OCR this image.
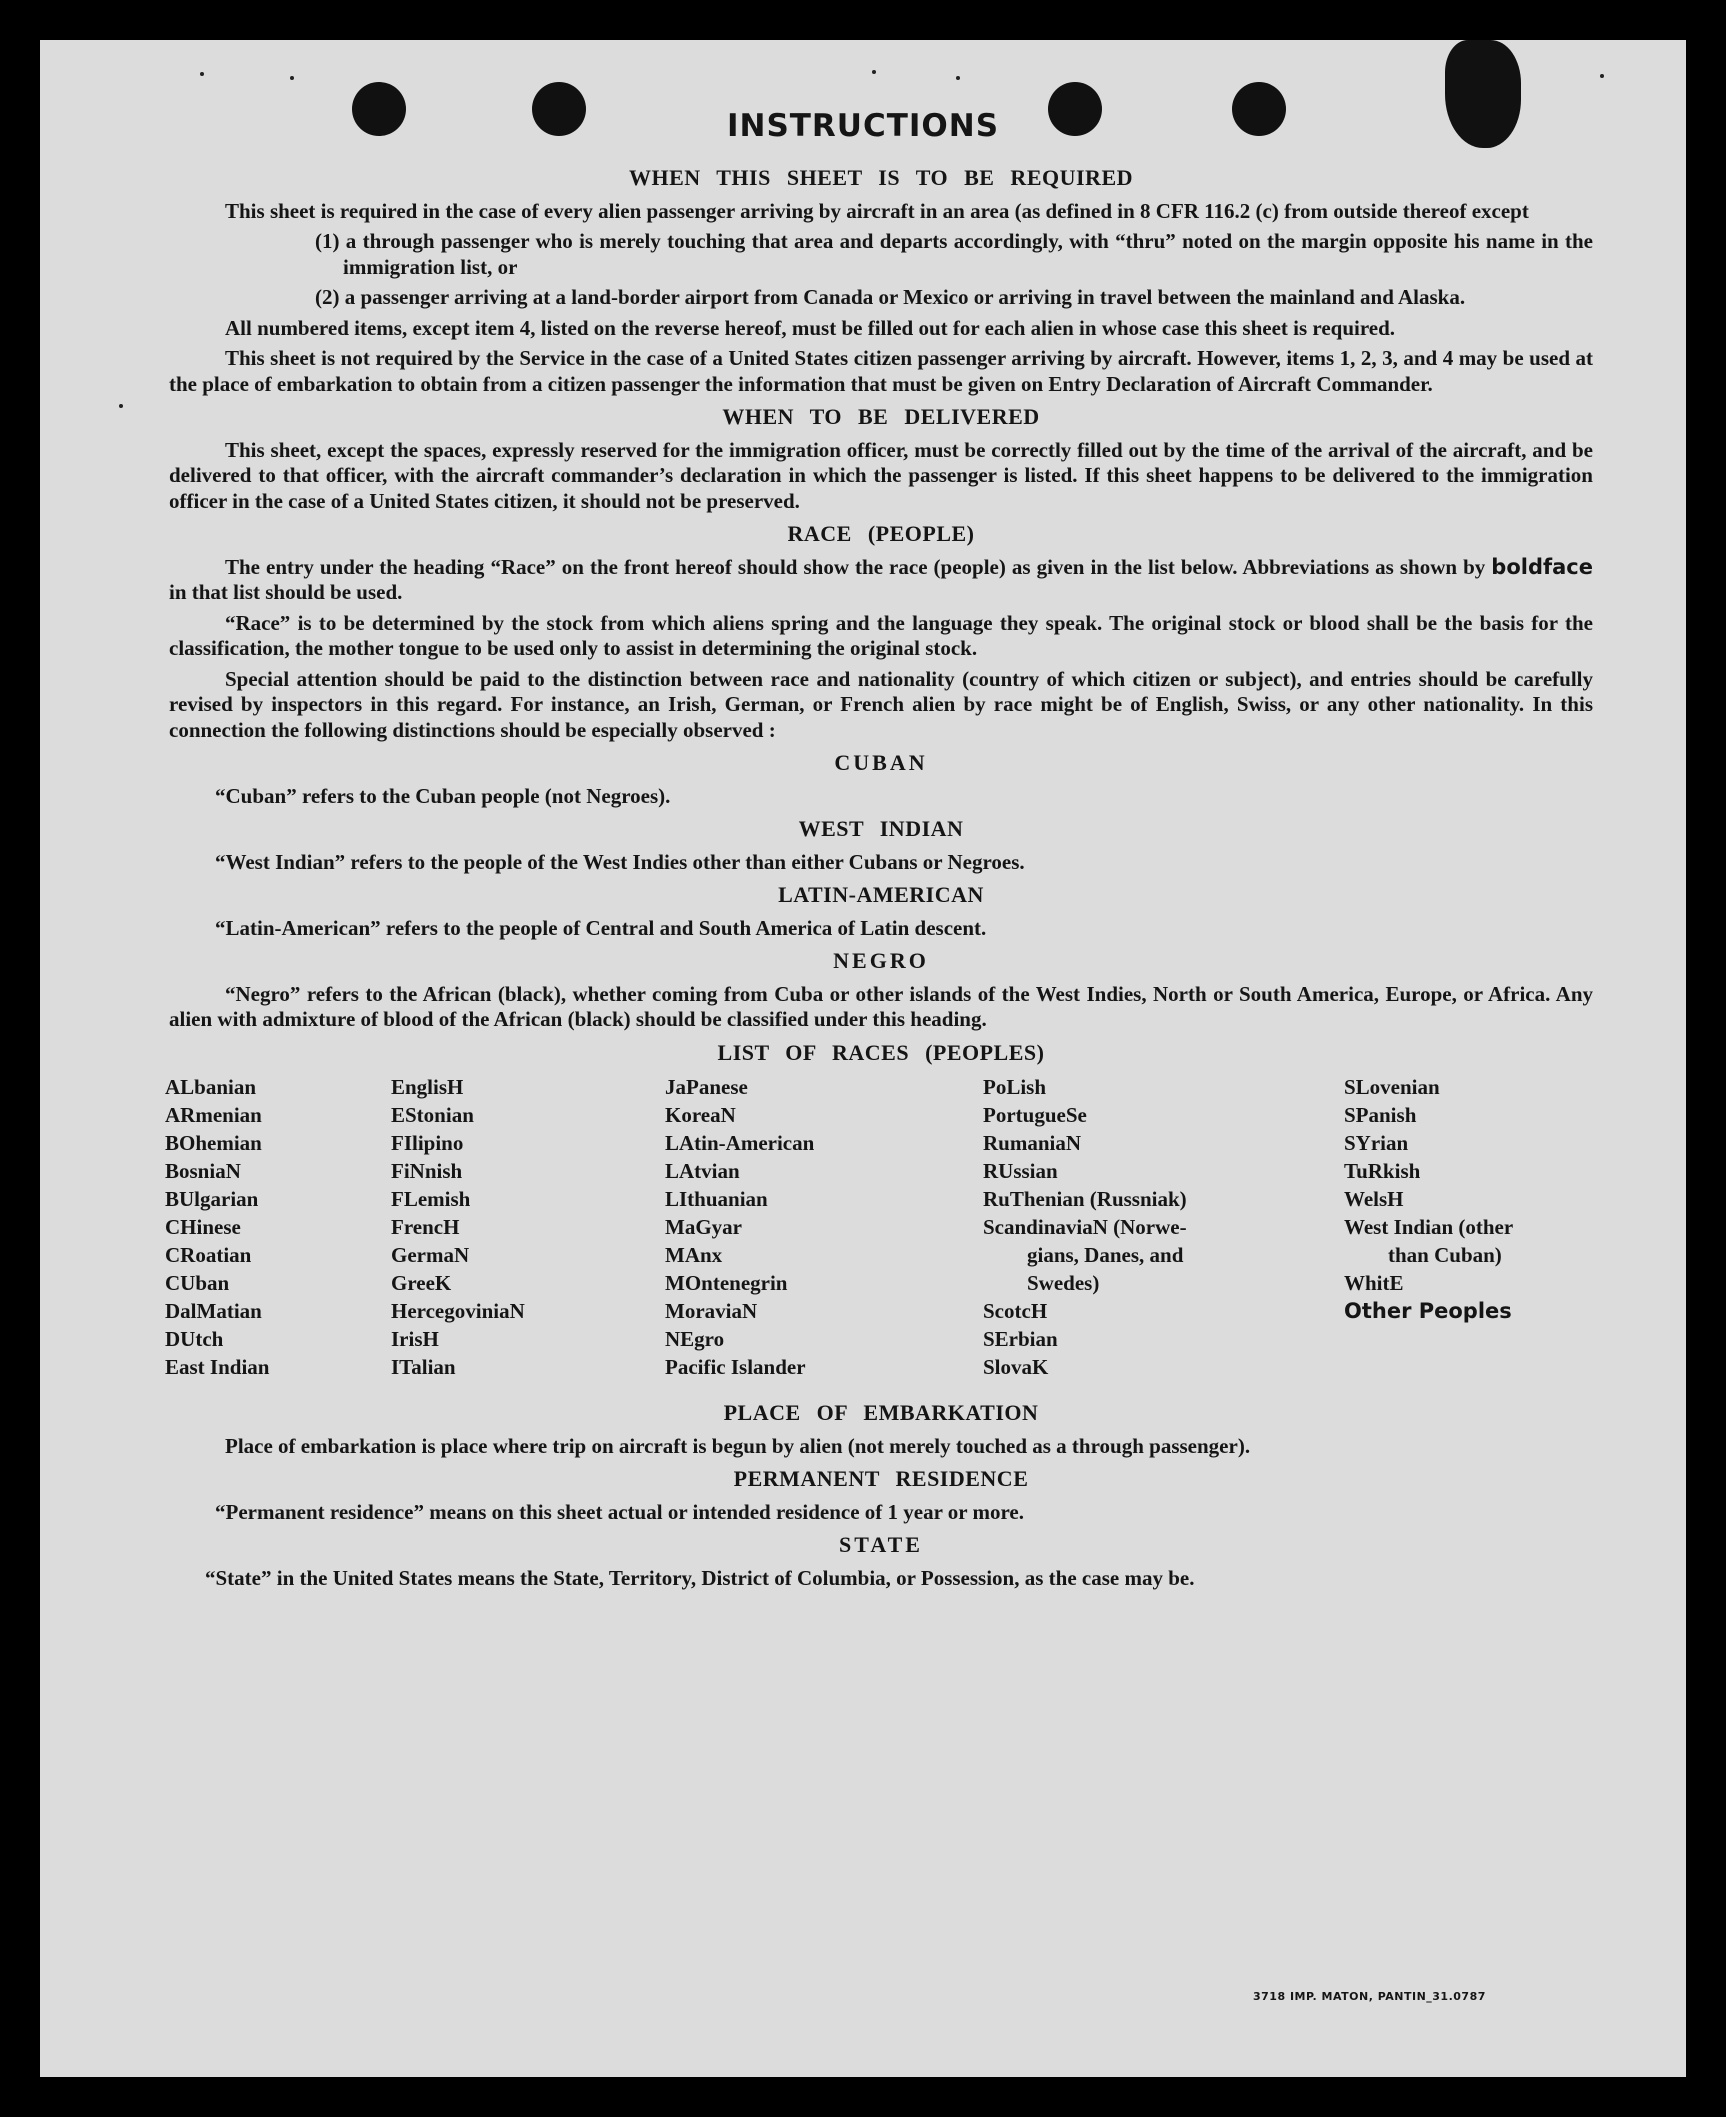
INSTRUCTIONS
WHEN THIS SHEET IS TO BE REQUIRED

This sheet is required in the case of every alien passenger arriving by aircraft in an area (as defined in 8 CFR 116.2 (c) from outside thereof except

(1) a through passenger who is merely touching that area and departs accordingly, with “thru” noted on the margin opposite his name in the immigration list, or
(2) a passenger arriving at a land-border airport from Canada or Mexico or arriving in travel between the mainland and Alaska.

All numbered items, except item 4, listed on the reverse hereof, must be filled out for each alien in whose case this sheet is required.

This sheet is not required by the Service in the case of a United States citizen passenger arriving by aircraft. However, items 1, 2, 3, and 4 may be used at the place of embarkation to obtain from a citizen passenger the information that must be given on Entry Declaration of Aircraft Commander.

WHEN TO BE DELIVERED

This sheet, except the spaces, expressly reserved for the immigration officer, must be correctly filled out by the time of the arrival of the aircraft, and be delivered to that officer, with the aircraft commander’s declaration in which the passenger is listed. If this sheet happens to be delivered to the immigration officer in the case of a United States citizen, it should not be preserved.

RACE (PEOPLE)

The entry under the heading “Race” on the front hereof should show the race (people) as given in the list below. Abbreviations as shown by boldface in that list should be used.

“Race” is to be determined by the stock from which aliens spring and the language they speak. The original stock or blood shall be the basis for the classification, the mother tongue to be used only to assist in determining the original stock.

Special attention should be paid to the distinction between race and nationality (country of which citizen or subject), and entries should be carefully revised by inspectors in this regard. For instance, an Irish, German, or French alien by race might be of English, Swiss, or any other nationality. In this connection the following distinctions should be especially observed :

CUBAN

“Cuban” refers to the Cuban people (not Negroes).

WEST INDIAN

“West Indian” refers to the people of the West Indies other than either Cubans or Negroes.

LATIN-AMERICAN

“Latin-American” refers to the people of Central and South America of Latin descent.

NEGRO

“Negro” refers to the African (black), whether coming from Cuba or other islands of the West Indies, North or South America, Europe, or Africa. Any alien with admixture of blood of the African (black) should be classified under this heading.

LIST OF RACES (PEOPLES)
ALbanian
ARmenian
BOhemian
BosniaN
BUlgarian
CHinese
CRoatian
CUban
DalMatian
DUtch
East Indian
EnglisH
EStonian
FIlipino
FiNnish
FLemish
FrencH
GermaN
GreeK
HercegoviniaN
IrisH
ITalian
JaPanese
KoreaN
LAtin-American
LAtvian
LIthuanian
MaGyar
MAnx
MOntenegrin
MoraviaN
NEgro
Pacific Islander
PoLish
PortugueSe
RumaniaN
RUssian
RuThenian (Russniak)
ScandinaviaN (Norwe-
gians, Danes, and
Swedes)
ScotcH
SErbian
SlovaK
SLovenian
SPanish
SYrian
TuRkish
WelsH
West Indian (other
than Cuban)
WhitE
Other Peoples
PLACE OF EMBARKATION

Place of embarkation is place where trip on aircraft is begun by alien (not merely touched as a through passenger).

PERMANENT RESIDENCE

“Permanent residence” means on this sheet actual or intended residence of 1 year or more.

STATE

“State” in the United States means the State, Territory, District of Columbia, or Possession, as the case may be.

3718 IMP. MATON, PANTIN_31.0787
